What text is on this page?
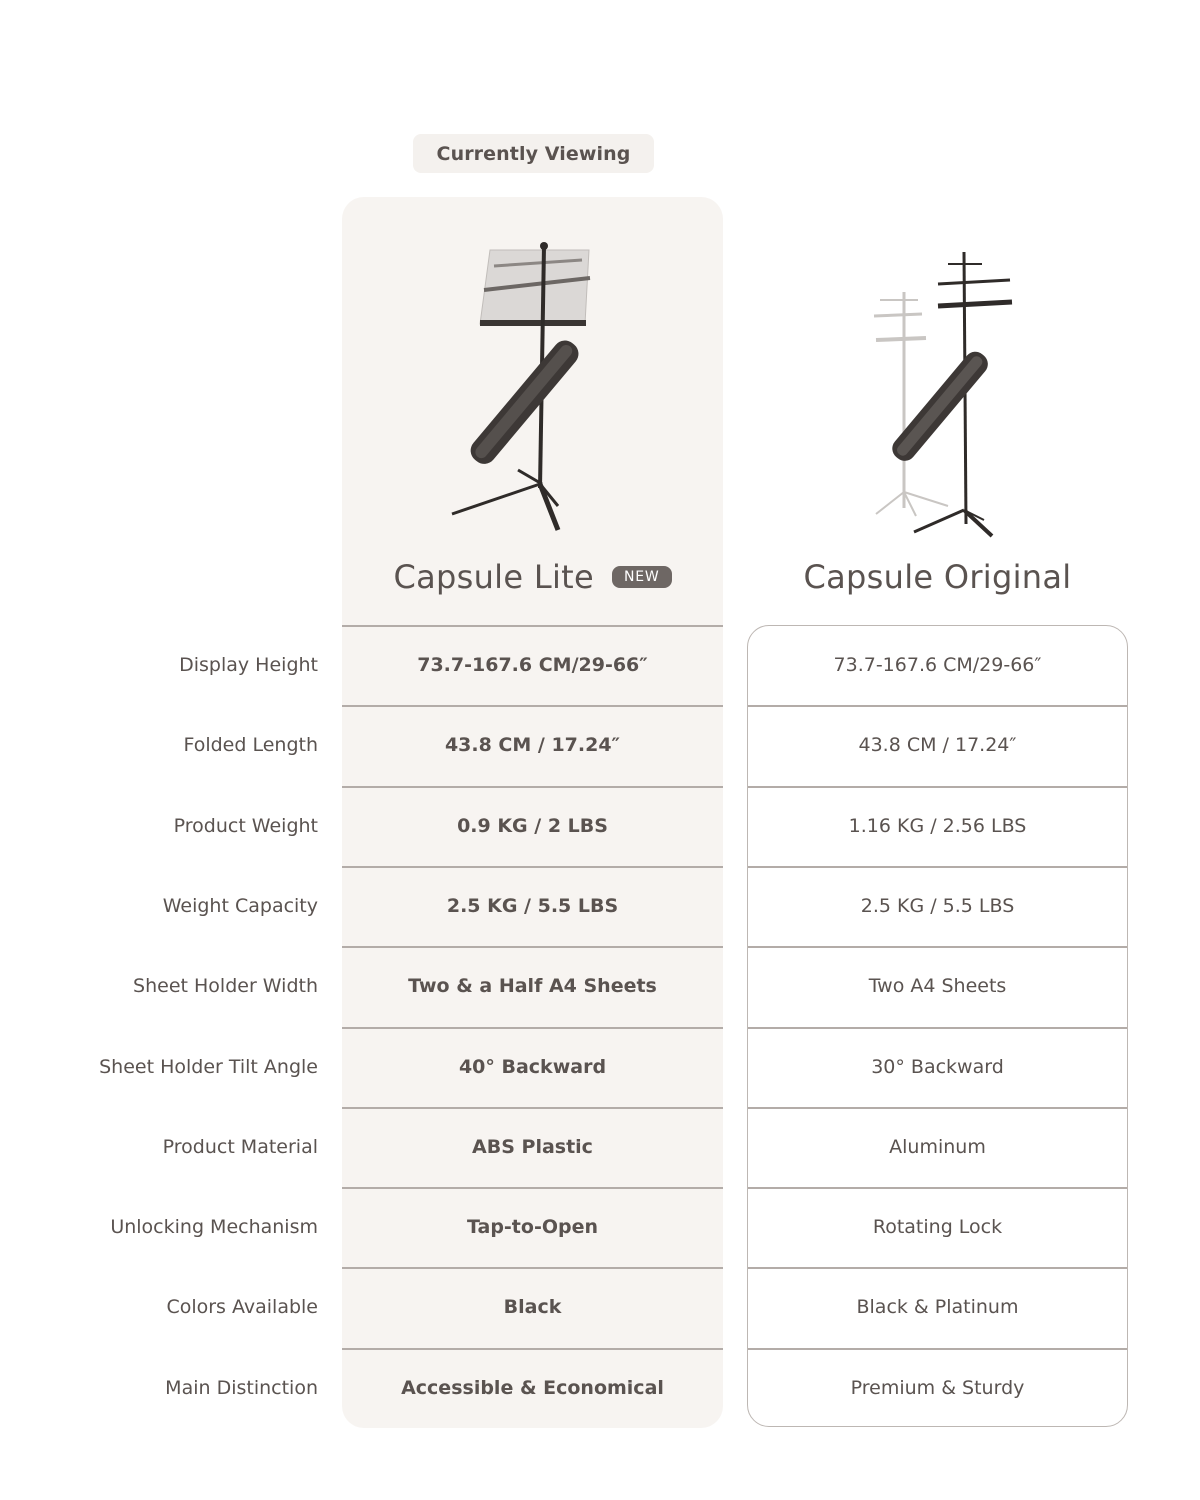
Currently Viewing
Capsule Lite	NEW	Capsule Original
Display Height	73.7-167.6 CM/29-66″	73.7-167.6 CM/29-66″
Folded Length	43.8 CM / 17.24″	43.8 CM / 17.24″
Product Weight	0.9 KG / 2 LBS	1.16 KG / 2.56 LBS
Weight Capacity	2.5 KG / 5.5 LBS	2.5 KG / 5.5 LBS
Sheet Holder Width	Two & a Half A4 Sheets	Two A4 Sheets
Sheet Holder Tilt Angle	40° Backward	30° Backward
Product Material	ABS Plastic	Aluminum
Unlocking Mechanism	Tap-to-Open	Rotating Lock
Colors Available	Black	Black & Platinum
Main Distinction	Accessible & Economical	Premium & Sturdy
